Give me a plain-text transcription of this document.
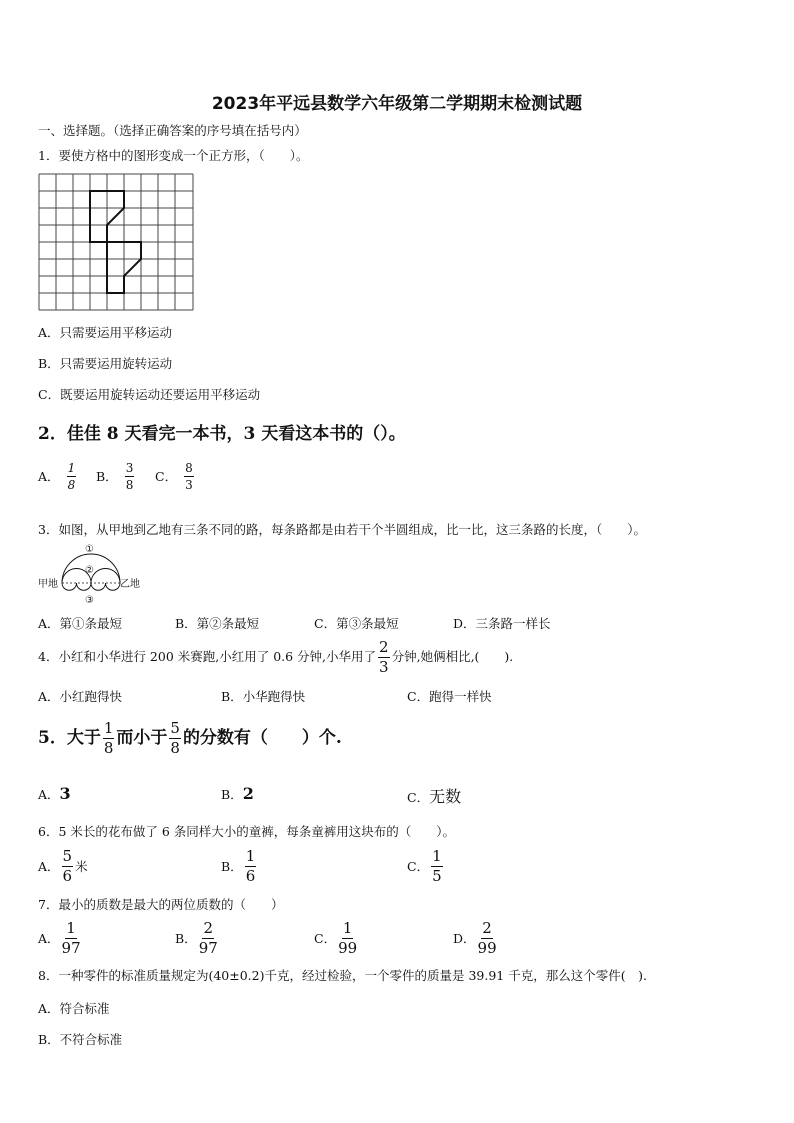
2023年平远县数学六年级第二学期期末检测试题
一、选择题。（选择正确答案的序号填在括号内）
1．要使方格中的图形变成一个正方形，（　　）。
A．只需要运用平移运动
B．只需要运用旋转运动
C．既要运用旋转运动还要运用平移运动
2．佳佳 8 天看完一本书，3 天看这本书的（）。
A． $\frac{1}{8}$ B． $\frac{3}{8}$ C． $\frac{8}{3}$
3．如图，从甲地到乙地有三条不同的路，每条路都是由若干个半圆组成，比一比，这三条路的长度，（　　）。
甲地	乙地
①
②
③
A．第①条最短	B．第②条最短	C．第③条最短	D．三条路一样长
4．小红和小华进行 200 米赛跑,小红用了 0.6 分钟,小华用了 $\frac{2}{3}$ 分钟,她俩相比,(　　).
A．小红跑得快	B．小华跑得快	C．跑得一样快
5．大于 $\frac{1}{8}$ 而小于 $\frac{5}{8}$ 的分数有（　　）个.
A．3	B．2	C．无数
6．5 米长的花布做了 6 条同样大小的童裤，每条童裤用这块布的（　　）。
A． $\frac{5}{6}$ 米	B． $\frac{1}{6}$	C． $\frac{1}{5}$
7．最小的质数是最大的两位质数的（　　）
A． $\frac{1}{97}$	B． $\frac{2}{97}$	C． $\frac{1}{99}$	D． $\frac{2}{99}$
8．一种零件的标准质量规定为(40±0.2)千克，经过检验，一个零件的质量是 39.91 千克，那么这个零件(　).
A．符合标准
B．不符合标准
